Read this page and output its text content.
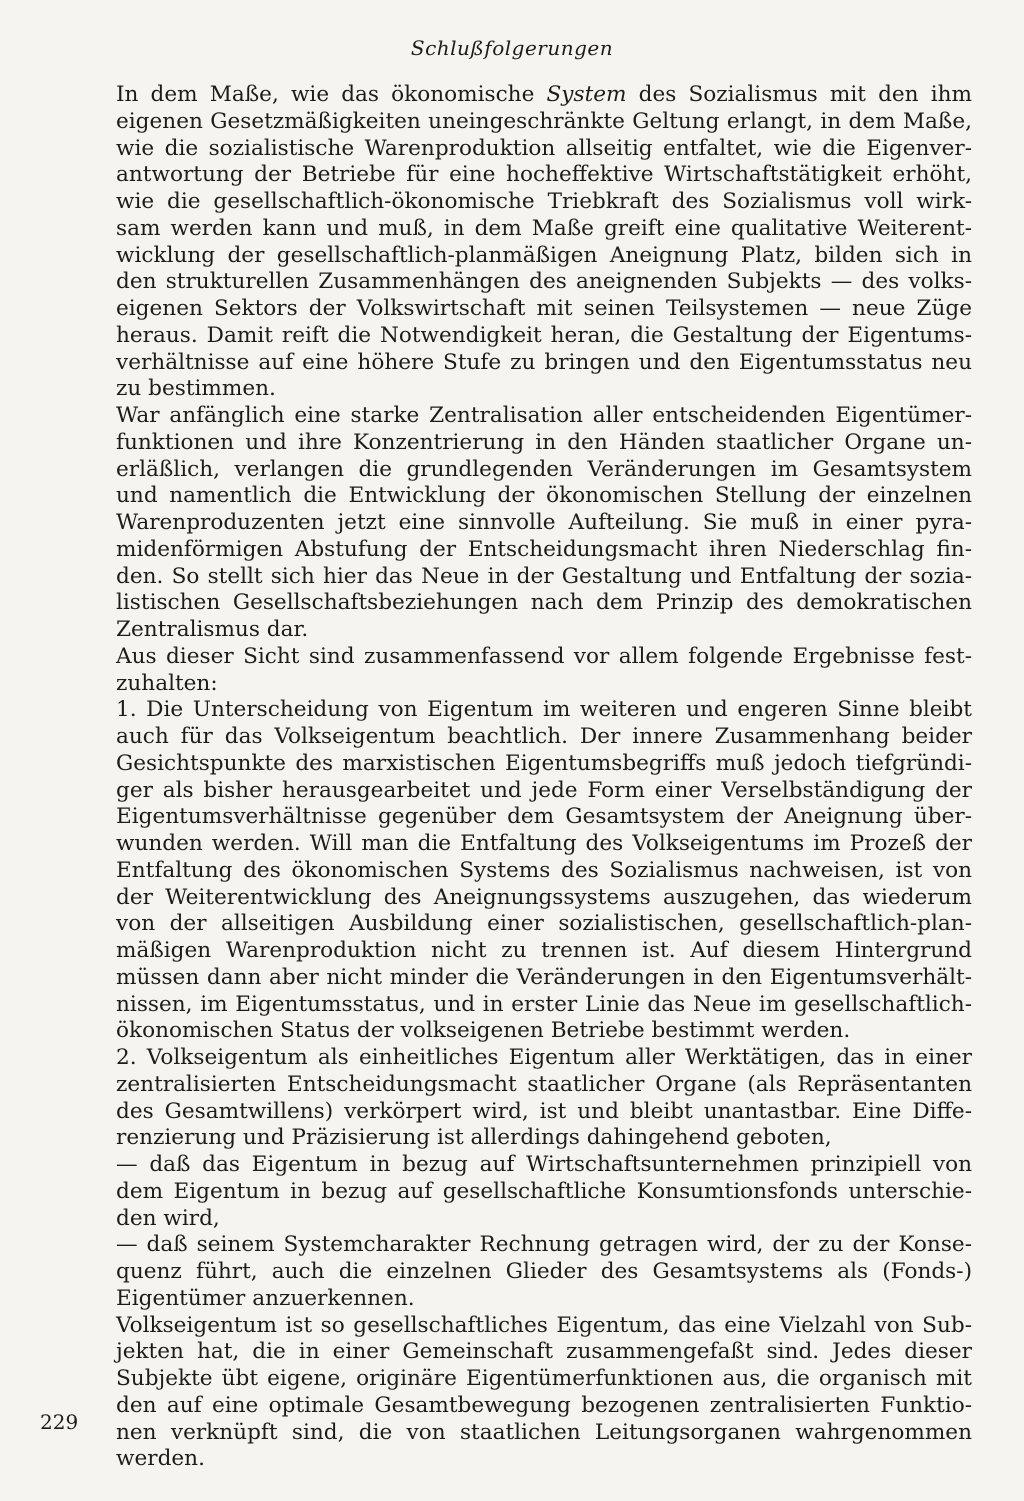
Schlußfolgerungen
In dem Maße, wie das ökonomische System des Sozialismus mit den ihm
eigenen Gesetzmäßigkeiten uneingeschränkte Geltung erlangt, in dem Maße,
wie die sozialistische Warenproduktion allseitig entfaltet, wie die Eigenver-
antwortung der Betriebe für eine hocheffektive Wirtschaftstätigkeit erhöht,
wie die gesellschaftlich-ökonomische Triebkraft des Sozialismus voll wirk-
sam werden kann und muß, in dem Maße greift eine qualitative Weiterent-
wicklung der gesellschaftlich-planmäßigen Aneignung Platz, bilden sich in
den strukturellen Zusammenhängen des aneignenden Subjekts — des volks-
eigenen Sektors der Volkswirtschaft mit seinen Teilsystemen — neue Züge
heraus. Damit reift die Notwendigkeit heran, die Gestaltung der Eigentums-
verhältnisse auf eine höhere Stufe zu bringen und den Eigentumsstatus neu
zu bestimmen.
War anfänglich eine starke Zentralisation aller entscheidenden Eigentümer-
funktionen und ihre Konzentrierung in den Händen staatlicher Organe un-
erläßlich, verlangen die grundlegenden Veränderungen im Gesamtsystem
und namentlich die Entwicklung der ökonomischen Stellung der einzelnen
Warenproduzenten jetzt eine sinnvolle Aufteilung. Sie muß in einer pyra-
midenförmigen Abstufung der Entscheidungsmacht ihren Niederschlag fin-
den. So stellt sich hier das Neue in der Gestaltung und Entfaltung der sozia-
listischen Gesellschaftsbeziehungen nach dem Prinzip des demokratischen
Zentralismus dar.
Aus dieser Sicht sind zusammenfassend vor allem folgende Ergebnisse fest-
zuhalten:
1. Die Unterscheidung von Eigentum im weiteren und engeren Sinne bleibt
auch für das Volkseigentum beachtlich. Der innere Zusammenhang beider
Gesichtspunkte des marxistischen Eigentumsbegriffs muß jedoch tiefgründi-
ger als bisher herausgearbeitet und jede Form einer Verselbständigung der
Eigentumsverhältnisse gegenüber dem Gesamtsystem der Aneignung über-
wunden werden. Will man die Entfaltung des Volkseigentums im Prozeß der
Entfaltung des ökonomischen Systems des Sozialismus nachweisen, ist von
der Weiterentwicklung des Aneignungssystems auszugehen, das wiederum
von der allseitigen Ausbildung einer sozialistischen, gesellschaftlich-plan-
mäßigen Warenproduktion nicht zu trennen ist. Auf diesem Hintergrund
müssen dann aber nicht minder die Veränderungen in den Eigentumsverhält-
nissen, im Eigentumsstatus, und in erster Linie das Neue im gesellschaftlich-
ökonomischen Status der volkseigenen Betriebe bestimmt werden.
2. Volkseigentum als einheitliches Eigentum aller Werktätigen, das in einer
zentralisierten Entscheidungsmacht staatlicher Organe (als Repräsentanten
des Gesamtwillens) verkörpert wird, ist und bleibt unantastbar. Eine Diffe-
renzierung und Präzisierung ist allerdings dahingehend geboten,
— daß das Eigentum in bezug auf Wirtschaftsunternehmen prinzipiell von
dem Eigentum in bezug auf gesellschaftliche Konsumtionsfonds unterschie-
den wird,
— daß seinem Systemcharakter Rechnung getragen wird, der zu der Konse-
quenz führt, auch die einzelnen Glieder des Gesamtsystems als (Fonds-)
Eigentümer anzuerkennen.
Volkseigentum ist so gesellschaftliches Eigentum, das eine Vielzahl von Sub-
jekten hat, die in einer Gemeinschaft zusammengefaßt sind. Jedes dieser
Subjekte übt eigene, originäre Eigentümerfunktionen aus, die organisch mit
den auf eine optimale Gesamtbewegung bezogenen zentralisierten Funktio-
nen verknüpft sind, die von staatlichen Leitungsorganen wahrgenommen
werden.
229
